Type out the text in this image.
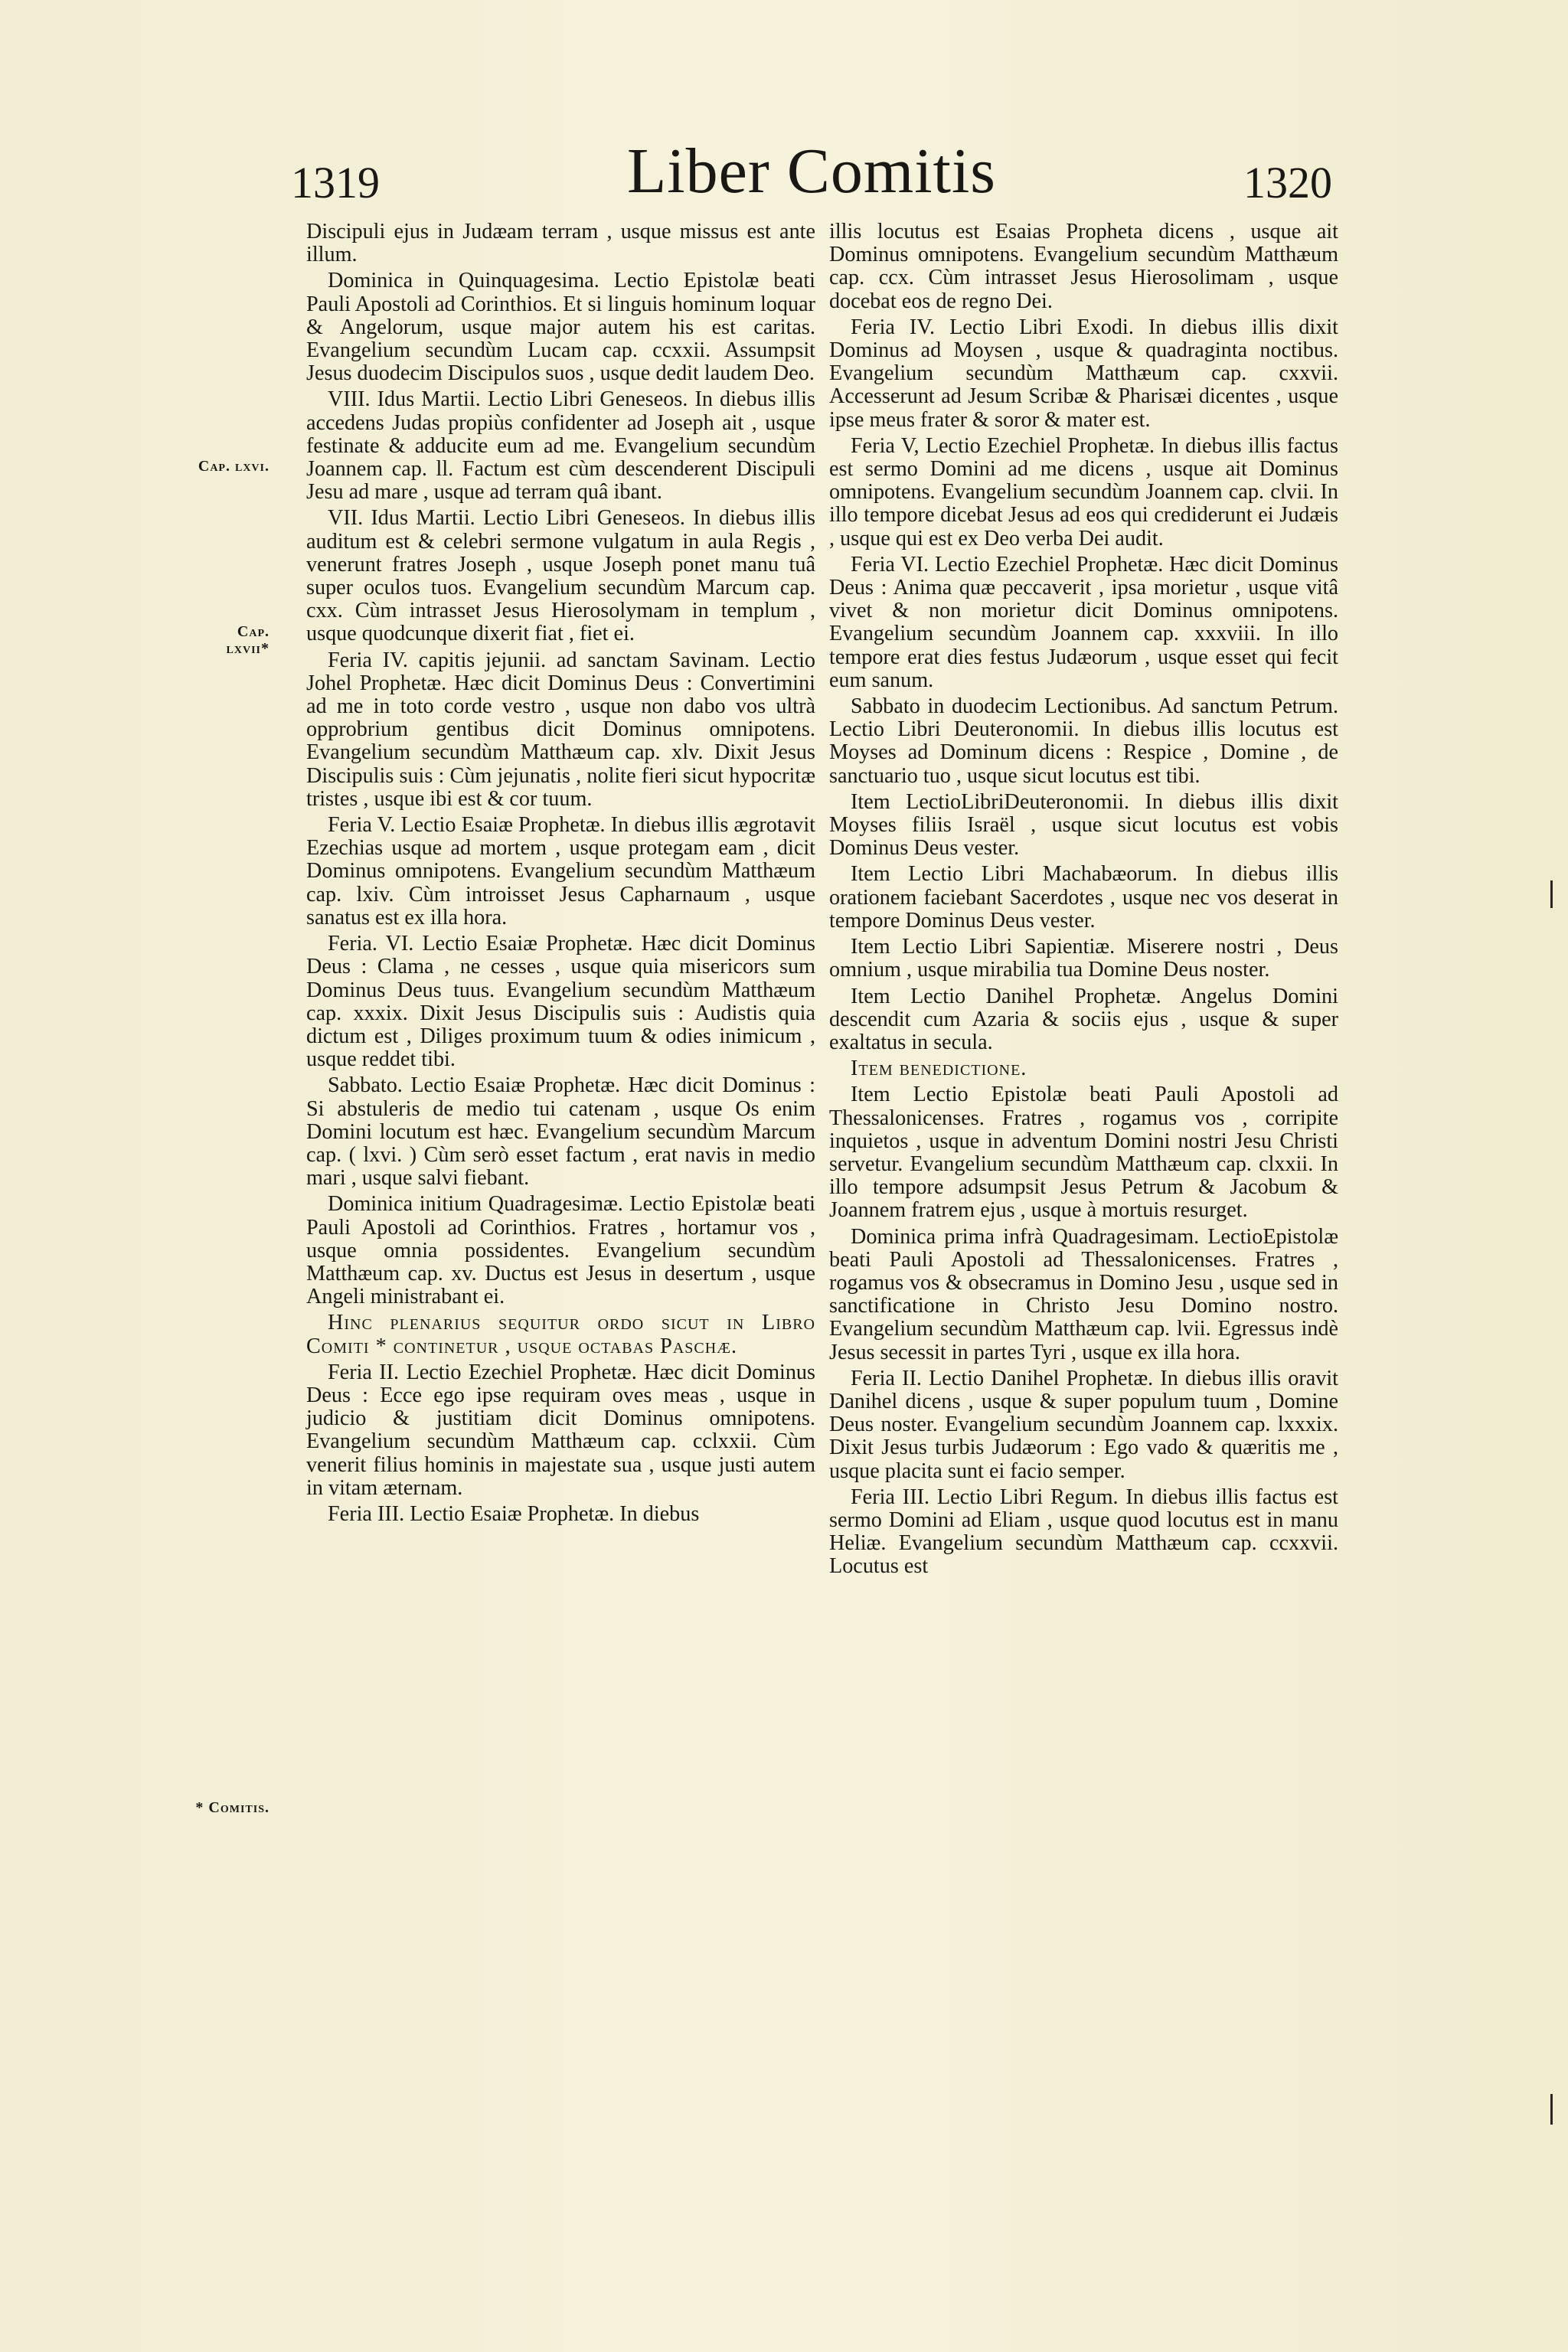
1319	Liber Comitis	1320
Cap. lxvi.
Cap. lxvii*
* Comitis.

Discipuli ejus in Judæam terram , usque missus est ante illum.

Dominica in Quinquagesima. Lectio Epistolæ beati Pauli Apostoli ad Corinthios. Et si linguis hominum loquar & Angelorum, usque major autem his est caritas. Evangelium secundùm Lucam cap. ccxxii. Assumpsit Jesus duodecim Discipulos suos , usque dedit laudem Deo.

VIII. Idus Martii. Lectio Libri Geneseos. In diebus illis accedens Judas propiùs confidenter ad Joseph ait , usque festinate & adducite eum ad me. Evangelium secundùm Joannem cap. ll. Factum est cùm descenderent Discipuli Jesu ad mare , usque ad terram quâ ibant.

VII. Idus Martii. Lectio Libri Geneseos. In diebus illis auditum est & celebri sermone vulgatum in aula Regis , venerunt fratres Joseph , usque Joseph ponet manu tuâ super oculos tuos. Evangelium secundùm Marcum cap. cxx. Cùm intrasset Jesus Hierosolymam in templum , usque quodcunque dixerit fiat , fiet ei.

Feria IV. capitis jejunii. ad sanctam Savinam. Lectio Johel Prophetæ. Hæc dicit Dominus Deus : Convertimini ad me in toto corde vestro , usque non dabo vos ultrà opprobrium gentibus dicit Dominus omnipotens. Evangelium secundùm Matthæum cap. xlv. Dixit Jesus Discipulis suis : Cùm jejunatis , nolite fieri sicut hypocritæ tristes , usque ibi est & cor tuum.

Feria V. Lectio Esaiæ Prophetæ. In diebus illis ægrotavit Ezechias usque ad mortem , usque protegam eam , dicit Dominus omnipotens. Evangelium secundùm Matthæum cap. lxiv. Cùm introisset Jesus Capharnaum , usque sanatus est ex illa hora.

Feria. VI. Lectio Esaiæ Prophetæ. Hæc dicit Dominus Deus : Clama , ne cesses , usque quia misericors sum Dominus Deus tuus. Evangelium secundùm Matthæum cap. xxxix. Dixit Jesus Discipulis suis : Audistis quia dictum est , Diliges proximum tuum & odies inimicum , usque reddet tibi.

Sabbato. Lectio Esaiæ Prophetæ. Hæc dicit Dominus : Si abstuleris de medio tui catenam , usque Os enim Domini locutum est hæc. Evangelium secundùm Marcum cap. ( lxvi. ) Cùm serò esset factum , erat navis in medio mari , usque salvi fiebant.

Dominica initium Quadragesimæ. Lectio Epistolæ beati Pauli Apostoli ad Corinthios. Fratres , hortamur vos , usque omnia possidentes. Evangelium secundùm Matthæum cap. xv. Ductus est Jesus in desertum , usque Angeli ministrabant ei.

Hinc plenarius sequitur ordo sicut in Libro Comiti * continetur , usque octabas Paschæ.

Feria II. Lectio Ezechiel Prophetæ. Hæc dicit Dominus Deus : Ecce ego ipse requiram oves meas , usque in judicio & justitiam dicit Dominus omnipotens. Evangelium secundùm Matthæum cap. cclxxii. Cùm venerit filius hominis in majestate sua , usque justi autem in vitam æternam.

Feria III. Lectio Esaiæ Prophetæ. In diebus

illis locutus est Esaias Propheta dicens , usque ait Dominus omnipotens. Evangelium secundùm Matthæum cap. ccx. Cùm intrasset Jesus Hierosolimam , usque docebat eos de regno Dei.

Feria IV. Lectio Libri Exodi. In diebus illis dixit Dominus ad Moysen , usque & quadraginta noctibus. Evangelium secundùm Matthæum cap. cxxvii. Accesserunt ad Jesum Scribæ & Pharisæi dicentes , usque ipse meus frater & soror & mater est.

Feria V, Lectio Ezechiel Prophetæ. In diebus illis factus est sermo Domini ad me dicens , usque ait Dominus omnipotens. Evangelium secundùm Joannem cap. clvii. In illo tempore dicebat Jesus ad eos qui crediderunt ei Judæis , usque qui est ex Deo verba Dei audit.

Feria VI. Lectio Ezechiel Prophetæ. Hæc dicit Dominus Deus : Anima quæ peccaverit , ipsa morietur , usque vitâ vivet & non morietur dicit Dominus omnipotens. Evangelium secundùm Joannem cap. xxxviii. In illo tempore erat dies festus Judæorum , usque esset qui fecit eum sanum.

Sabbato in duodecim Lectionibus. Ad sanctum Petrum. Lectio Libri Deuteronomii. In diebus illis locutus est Moyses ad Dominum dicens : Respice , Domine , de sanctuario tuo , usque sicut locutus est tibi.

Item LectioLibriDeuteronomii. In diebus illis dixit Moyses filiis Israël , usque sicut locutus est vobis Dominus Deus vester.

Item Lectio Libri Machabæorum. In diebus illis orationem faciebant Sacerdotes , usque nec vos deserat in tempore Dominus Deus vester.

Item Lectio Libri Sapientiæ. Miserere nostri , Deus omnium , usque mirabilia tua Domine Deus noster.

Item Lectio Danihel Prophetæ. Angelus Domini descendit cum Azaria & sociis ejus , usque & super exaltatus in secula.

Item benedictione.

Item Lectio Epistolæ beati Pauli Apostoli ad Thessalonicenses. Fratres , rogamus vos , corripite inquietos , usque in adventum Domini nostri Jesu Christi servetur. Evangelium secundùm Matthæum cap. clxxii. In illo tempore adsumpsit Jesus Petrum & Jacobum & Joannem fratrem ejus , usque à mortuis resurget.

Dominica prima infrà Quadragesimam. LectioEpistolæ beati Pauli Apostoli ad Thessalonicenses. Fratres , rogamus vos & obsecramus in Domino Jesu , usque sed in sanctificatione in Christo Jesu Domino nostro. Evangelium secundùm Matthæum cap. lvii. Egressus indè Jesus secessit in partes Tyri , usque ex illa hora.

Feria II. Lectio Danihel Prophetæ. In diebus illis oravit Danihel dicens , usque & super populum tuum , Domine Deus noster. Evangelium secundùm Joannem cap. lxxxix. Dixit Jesus turbis Judæorum : Ego vado & quæritis me , usque placita sunt ei facio semper.

Feria III. Lectio Libri Regum. In diebus illis factus est sermo Domini ad Eliam , usque quod locutus est in manu Heliæ. Evangelium secundùm Matthæum cap. ccxxvii. Locutus est
